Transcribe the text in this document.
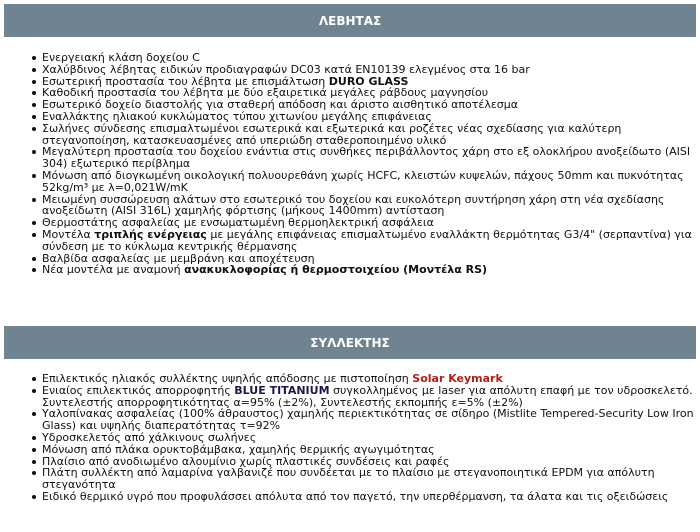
ΛΕΒΗΤΑΣ
Ενεργειακή κλάση δοχείου C
Χαλύβδινος λέβητας ειδικών προδιαγραφών DC03 κατά EN10139 ελεγμένος στα 16 bar
Εσωτερική προστασία του λέβητα με επισμάλτωση DURO GLASS
Καθοδική προστασία του λέβητα με δύο εξαιρετικά μεγάλες ράβδους μαγνησίου
Εσωτερικό δοχείο διαστολής για σταθερή απόδοση και άριστο αισθητικό αποτέλεσμα
Εναλλάκτης ηλιακού κυκλώματος τύπου χιτωνίου μεγάλης επιφάνειας
Σωλήνες σύνδεσης επισμαλτωμένοι εσωτερικά και εξωτερικά και ροζέτες νέας σχεδίασης για καλύτερη στεγανοποίηση, κατασκευασμένες από υπεριώδη σταθεροποιημένο υλικό
Μεγαλύτερη προστασία του δοχείου ενάντια στις συνθήκες περιβάλλοντος χάρη στο εξ ολοκλήρου ανοξείδωτο (AISI 304) εξωτερικό περίβλημα
Μόνωση από διογκωμένη οικολογική πολυουρεθάνη χωρίς HCFC, κλειστών κυψελών, πάχους 50mm και πυκνότητας 52kg/m³ με λ=0,021W/mK
Μειωμένη συσσώρευση αλάτων στο εσωτερικό του δοχείου και ευκολότερη συντήρηση χάρη στη νέα σχεδίασης ανοξείδωτη (AISI 316L) χαμηλής φόρτισης (μήκους 1400mm) αντίσταση
Θερμοστάτης ασφαλείας με ενσωματωμένη θερμοηλεκτρική ασφάλεια
Μοντέλα τριπλής ενέργειας με μεγάλης επιφάνειας επισμαλτωμένο εναλλάκτη θερμότητας G3/4" (σερπαντίνα) για σύνδεση με το κύκλωμα κεντρικής θέρμανσης
Βαλβίδα ασφαλείας με μεμβράνη και αποχέτευση
Νέα μοντέλα με αναμονή ανακυκλοφορίας ή θερμοστοιχείου (Μοντέλα RS)
ΣΥΛΛΕΚΤΗΣ
Επιλεκτικός ηλιακός συλλέκτης υψηλής απόδοσης με πιστοποίηση Solar Keymark
Ενιαίος επιλεκτικός απορροφητής BLUE TITANIUM συγκολλημένος με laser για απόλυτη επαφή με τον υδροσκελετό. Συντελεστής απορροφητικότητας α=95% (±2%), Συντελεστής εκπομπής ε=5% (±2%)
Υαλοπίνακας ασφαλείας (100% άθραυστος) χαμηλής περιεκτικότητας σε σίδηρο (Mistlite Tempered-Security Low Iron Glass) και υψηλής διαπερατότητας τ=92%
Υδροσκελετός από χάλκινους σωλήνες
Μόνωση από πλάκα ορυκτοβάμβακα, χαμηλής θερμικής αγωγιμότητας
Πλαίσιο από ανοδιωμένο αλουμίνιο χωρίς πλαστικές συνδέσεις και ραφές
Πλάτη συλλέκτη από λαμαρίνα γαλβανιζέ που συνδέεται με το πλαίσιο με στεγανοποιητικά EPDM για απόλυτη στεγανότητα
Ειδικό θερμικό υγρό που προφυλάσσει απόλυτα από τον παγετό, την υπερθέρμανση, τα άλατα και τις οξειδώσεις
